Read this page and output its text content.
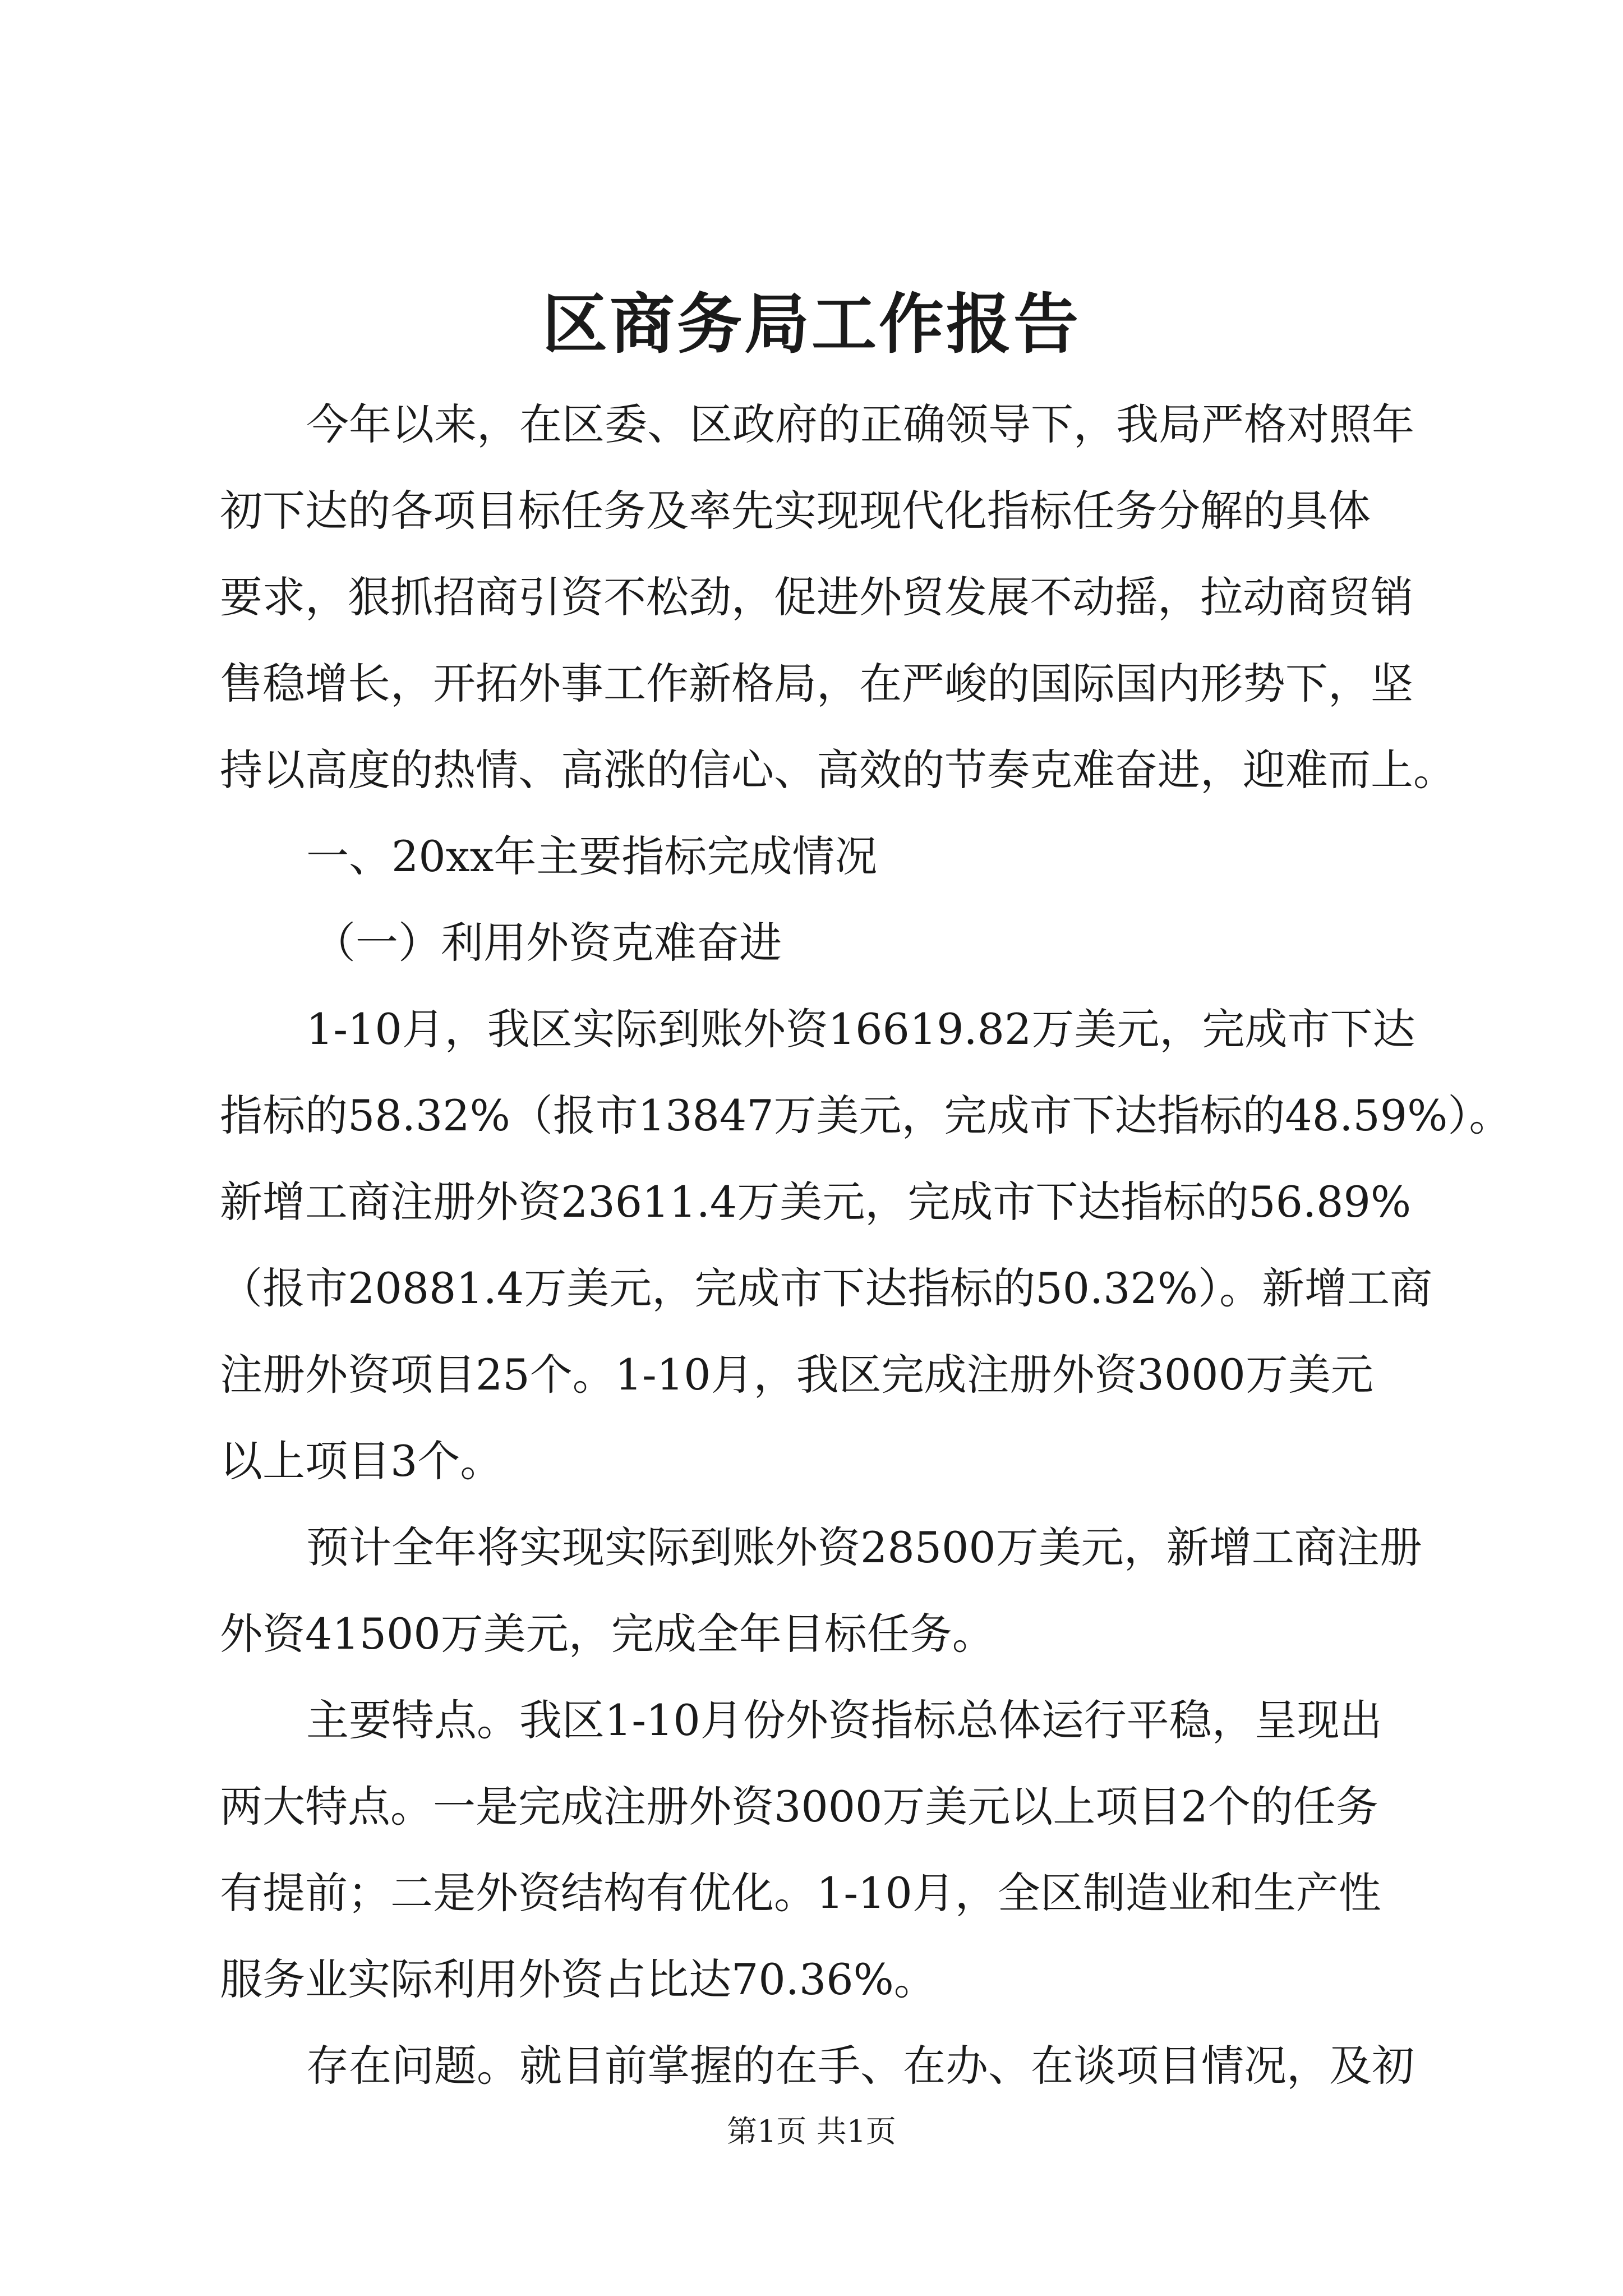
区商务局工作报告
今年以来，在区委、区政府的正确领导下，我局严格对照年
初下达的各项目标任务及率先实现现代化指标任务分解的具体
要求，狠抓招商引资不松劲，促进外贸发展不动摇，拉动商贸销
售稳增长，开拓外事工作新格局，在严峻的国际国内形势下，坚
持以高度的热情、高涨的信心、高效的节奏克难奋进，迎难而上。
一、20xx年主要指标完成情况
（一）利用外资克难奋进
1-10月，我区实际到账外资16619.82万美元，完成市下达
指标的58.32%（报市13847万美元，完成市下达指标的48.59%）。
新增工商注册外资23611.4万美元，完成市下达指标的56.89%
（报市20881.4万美元，完成市下达指标的50.32%）。新增工商
注册外资项目25个。1-10月，我区完成注册外资3000万美元
以上项目3个。
预计全年将实现实际到账外资28500万美元，新增工商注册
外资41500万美元，完成全年目标任务。
主要特点。我区1-10月份外资指标总体运行平稳，呈现出
两大特点。一是完成注册外资3000万美元以上项目2个的任务
有提前；二是外资结构有优化。1-10月，全区制造业和生产性
服务业实际利用外资占比达70.36%。
存在问题。就目前掌握的在手、在办、在谈项目情况，及初
第1页 共1页
